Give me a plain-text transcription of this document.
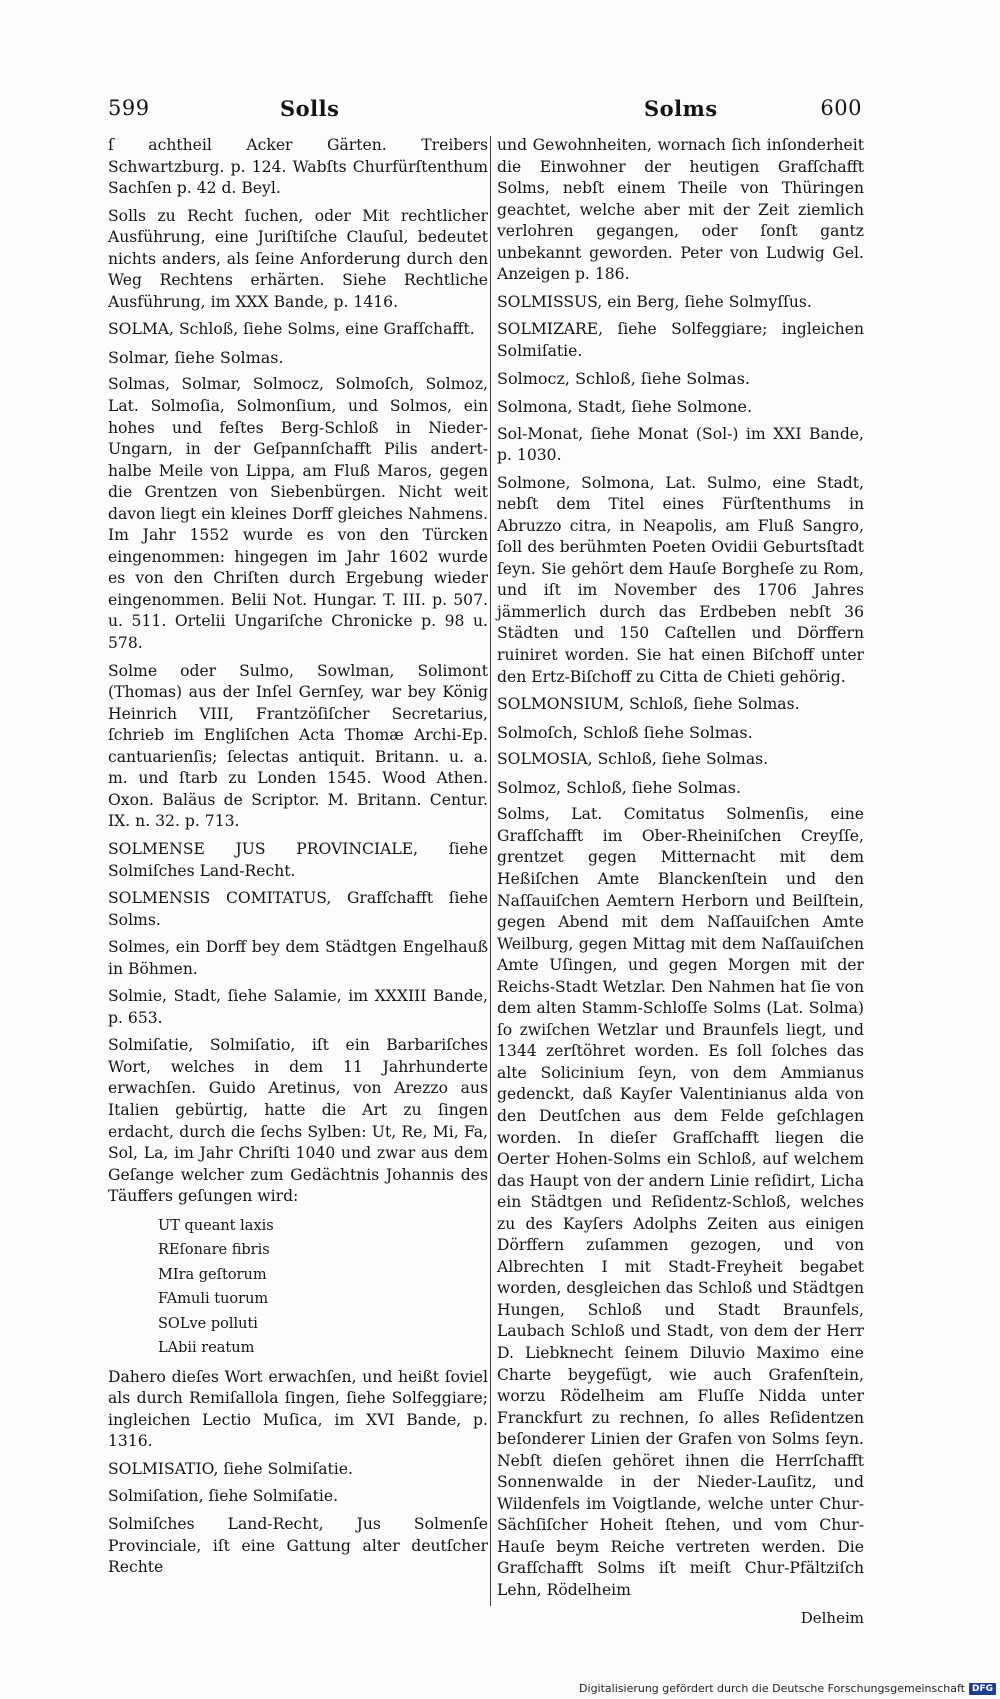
599	Solls	Solms	600

ſ achtheil Acker Gärten. Treibers Schwartzburg. p. 124. Wabſts Churfürſtenthum Sachſen p. 42 d. Beyl.

Solls zu Recht ſuchen, oder Mit rechtlicher Ausführung, eine Juriſtiſche Clauſul, bedeutet nichts anders, als ſeine Anforderung durch den Weg Rechtens erhärten. Siehe Rechtliche Ausführung, im XXX Bande, p. 1416.

SOLMA, Schloß, ſiehe Solms, eine Grafſchafft.

Solmar, ſiehe Solmas.

Solmas, Solmar, Solmocz, Solmoſch, Solmoz, Lat. Solmoſia, Solmonſium, und Solmos, ein hohes und feſtes Berg-Schloß in Nieder-Ungarn, in der Geſpannſchafft Pilis andert-halbe Meile von Lippa, am Fluß Maros, gegen die Grentzen von Siebenbürgen. Nicht weit davon liegt ein kleines Dorff gleiches Nahmens. Im Jahr 1552 wurde es von den Türcken eingenommen: hingegen im Jahr 1602 wurde es von den Chriſten durch Ergebung wieder eingenommen. Belii Not. Hungar. T. III. p. 507. u. 511. Ortelii Ungariſche Chronicke p. 98 u. 578.

Solme oder Sulmo, Sowlman, Solimont (Thomas) aus der Inſel Gernſey, war bey König Heinrich VIII, Frantzöſiſcher Secretarius, ſchrieb im Engliſchen Acta Thomæ Archi-Ep. cantuarienſis; ſelectas antiquit. Britann. u. a. m. und ſtarb zu Londen 1545. Wood Athen. Oxon. Baläus de Scriptor. M. Britann. Centur. IX. n. 32. p. 713.

SOLMENSE JUS PROVINCIALE, ſiehe Solmiſches Land-Recht.

SOLMENSIS COMITATUS, Grafſchafft ſiehe Solms.

Solmes, ein Dorff bey dem Städtgen Engelhauß in Böhmen.

Solmie, Stadt, ſiehe Salamie, im XXXIII Bande, p. 653.

Solmiſatie, Solmiſatio, iſt ein Barbariſches Wort, welches in dem 11 Jahrhunderte erwachſen. Guido Aretinus, von Arezzo aus Italien gebürtig, hatte die Art zu ſingen erdacht, durch die ſechs Sylben: Ut, Re, Mi, Fa, Sol, La, im Jahr Chriſti 1040 und zwar aus dem Geſange welcher zum Gedächtnis Johannis des Täuffers geſungen wird:

UT queant laxis
REſonare fibris
MIra geſtorum
FAmuli tuorum
SOLve polluti
LAbii reatum

Dahero dieſes Wort erwachſen, und heißt ſoviel als durch Remiſallola ſingen, ſiehe Solfeggiare; ingleichen Lectio Muſica, im XVI Bande, p. 1316.

SOLMISATIO, ſiehe Solmiſatie.

Solmiſation, ſiehe Solmiſatie.

Solmiſches Land-Recht, Jus Solmenſe Provinciale, iſt eine Gattung alter deutſcher Rechte

und Gewohnheiten, wornach ſich inſonderheit die Einwohner der heutigen Grafſchafft Solms, nebſt einem Theile von Thüringen geachtet, welche aber mit der Zeit ziemlich verlohren gegangen, oder ſonſt gantz unbekannt geworden. Peter von Ludwig Gel. Anzeigen p. 186.

SOLMISSUS, ein Berg, ſiehe Solmyſſus.

SOLMIZARE, ſiehe Solfeggiare; ingleichen Solmiſatie.

Solmocz, Schloß, ſiehe Solmas.

Solmona, Stadt, ſiehe Solmone.

Sol-Monat, ſiehe Monat (Sol-) im XXI Bande, p. 1030.

Solmone, Solmona, Lat. Sulmo, eine Stadt, nebſt dem Titel eines Fürſtenthums in Abruzzo citra, in Neapolis, am Fluß Sangro, ſoll des berühmten Poeten Ovidii Geburtsſtadt ſeyn. Sie gehört dem Hauſe Borgheſe zu Rom, und iſt im November des 1706 Jahres jämmerlich durch das Erdbeben nebſt 36 Städten und 150 Caſtellen und Dörffern ruiniret worden. Sie hat einen Biſchoff unter den Ertz-Biſchoff zu Citta de Chieti gehörig.

SOLMONSIUM, Schloß, ſiehe Solmas.

Solmoſch, Schloß ſiehe Solmas.

SOLMOSIA, Schloß, ſiehe Solmas.

Solmoz, Schloß, ſiehe Solmas.

Solms, Lat. Comitatus Solmenſis, eine Grafſchafft im Ober-Rheiniſchen Creyſſe, grentzet gegen Mitternacht mit dem Heßiſchen Amte Blanckenſtein und den Naſſauiſchen Aemtern Herborn und Beilſtein, gegen Abend mit dem Naſſauiſchen Amte Weilburg, gegen Mittag mit dem Naſſauiſchen Amte Uſingen, und gegen Morgen mit der Reichs-Stadt Wetzlar. Den Nahmen hat ſie von dem alten Stamm-Schloſſe Solms (Lat. Solma) ſo zwiſchen Wetzlar und Braunfels liegt, und 1344 zerſtöhret worden. Es ſoll ſolches das alte Solicinium ſeyn, von dem Ammianus gedenckt, daß Kayſer Valentinianus alda von den Deutſchen aus dem Felde geſchlagen worden. In dieſer Grafſchafft liegen die Oerter Hohen-Solms ein Schloß, auf welchem das Haupt von der andern Linie reſidirt, Licha ein Städtgen und Reſidentz-Schloß, welches zu des Kayſers Adolphs Zeiten aus einigen Dörffern zuſammen gezogen, und von Albrechten I mit Stadt-Freyheit begabet worden, desgleichen das Schloß und Städtgen Hungen, Schloß und Stadt Braunfels, Laubach Schloß und Stadt, von dem der Herr D. Liebknecht ſeinem Diluvio Maximo eine Charte beygefügt, wie auch Grafenſtein, worzu Rödelheim am Fluſſe Nidda unter Franckfurt zu rechnen, ſo alles Reſidentzen beſonderer Linien der Grafen von Solms ſeyn. Nebſt dieſen gehöret ihnen die Herrſchafft Sonnenwalde in der Nieder-Lauſitz, und Wildenfels im Voigtlande, welche unter Chur-Sächſiſcher Hoheit ſtehen, und vom Chur-Hauſe beym Reiche vertreten werden. Die Grafſchafft Solms iſt meiſt Chur-Pfältziſch Lehn, Rödelheim

Delheim
Digitalisierung gefördert durch die Deutsche Forschungsgemeinschaft DFG
